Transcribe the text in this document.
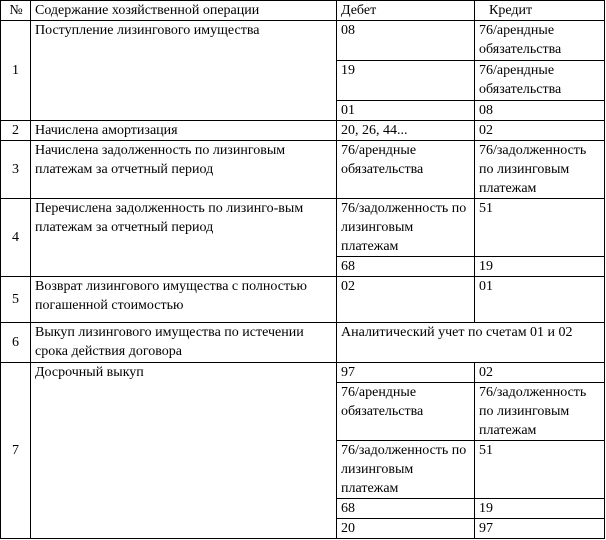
№	Содержание хозяйственной операции	Дебет	Кредит
1	Поступление лизингового имущества	08	76/арендные обязательства
		19	76/арендные обязательства
		01	08
2	Начислена амортизация	20, 26, 44...	02
3	Начислена задолженность по лизинговым платежам за отчетный период	76/арендные обязательства	76/задолженность по лизинговым платежам
4	Перечислена задолженность по лизинго-вым платежам за отчетный период	76/задолженность по лизинговым платежам	51
		68	19
5	Возврат лизингового имущества с полностью погашенной стоимостью	02	01
6	Выкуп лизингового имущества по истечении срока действия договора	Аналитический учет по счетам 01 и 02	
7	Досрочный выкуп	97	02
		76/арендные обязательства	76/задолженность по лизинговым платежам
		76/задолженность по лизинговым платежам	51
		68	19
		20	97
